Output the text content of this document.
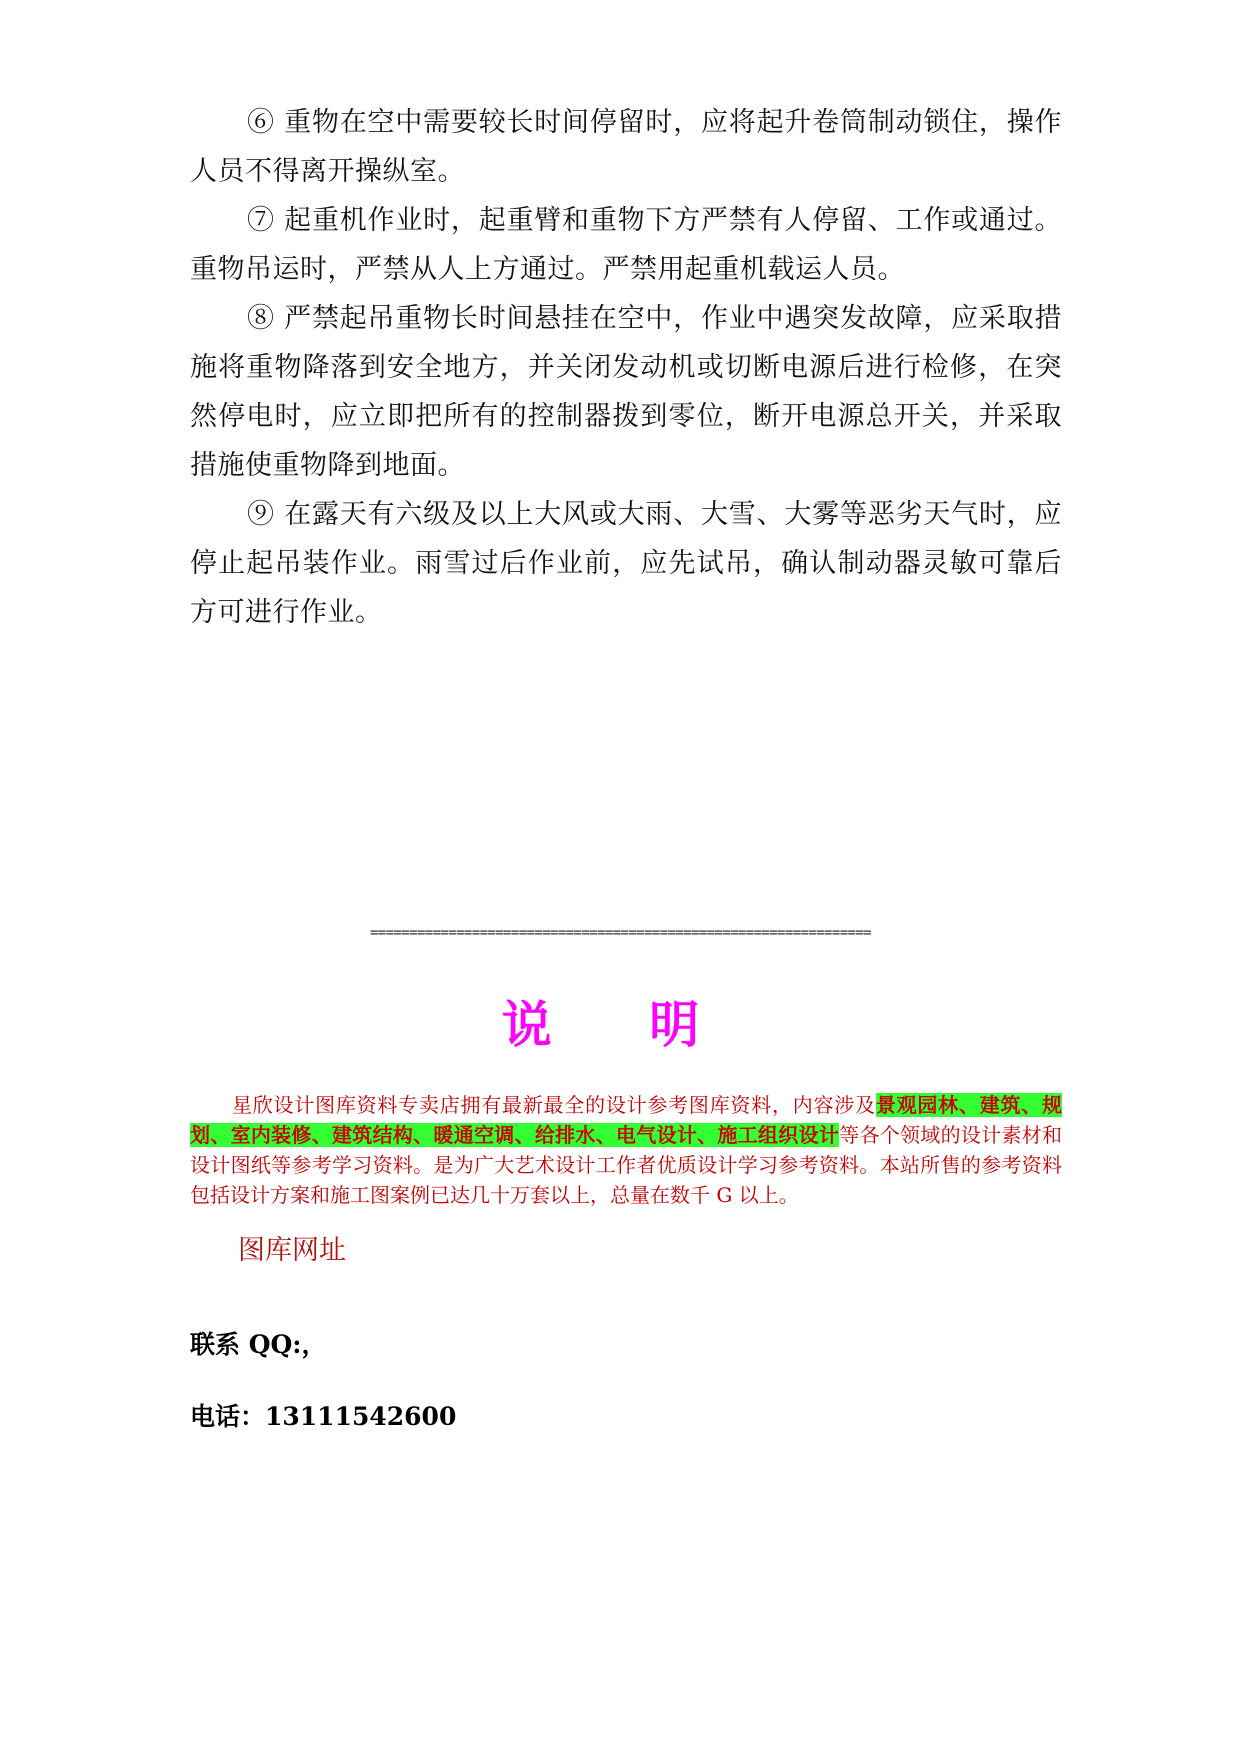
⑥ 重物在空中需要较长时间停留时，应将起升卷筒制动锁住，操作人员不得离开操纵室。

⑦ 起重机作业时，起重臂和重物下方严禁有人停留、工作或通过。重物吊运时，严禁从人上方通过。严禁用起重机载运人员。

⑧ 严禁起吊重物长时间悬挂在空中，作业中遇突发故障，应采取措施将重物降落到安全地方，并关闭发动机或切断电源后进行检修，在突然停电时，应立即把所有的控制器拨到零位，断开电源总开关，并采取措施使重物降到地面。

⑨ 在露天有六级及以上大风或大雨、大雪、大雾等恶劣天气时，应停止起吊装作业。雨雪过后作业前，应先试吊，确认制动器灵敏可靠后方可进行作业。

================================================================
说 明

星欣设计图库资料专卖店拥有最新最全的设计参考图库资料，内容涉及景观园林、建筑、规划、室内装修、建筑结构、暖通空调、给排水、电气设计、施工组织设计等各个领域的设计素材和设计图纸等参考学习资料。是为广大艺术设计工作者优质设计学习参考资料。本站所售的参考资料包括设计方案和施工图案例已达几十万套以上，总量在数千 G 以上。

图库网址
联系 QQ:，
电话：13111542600
